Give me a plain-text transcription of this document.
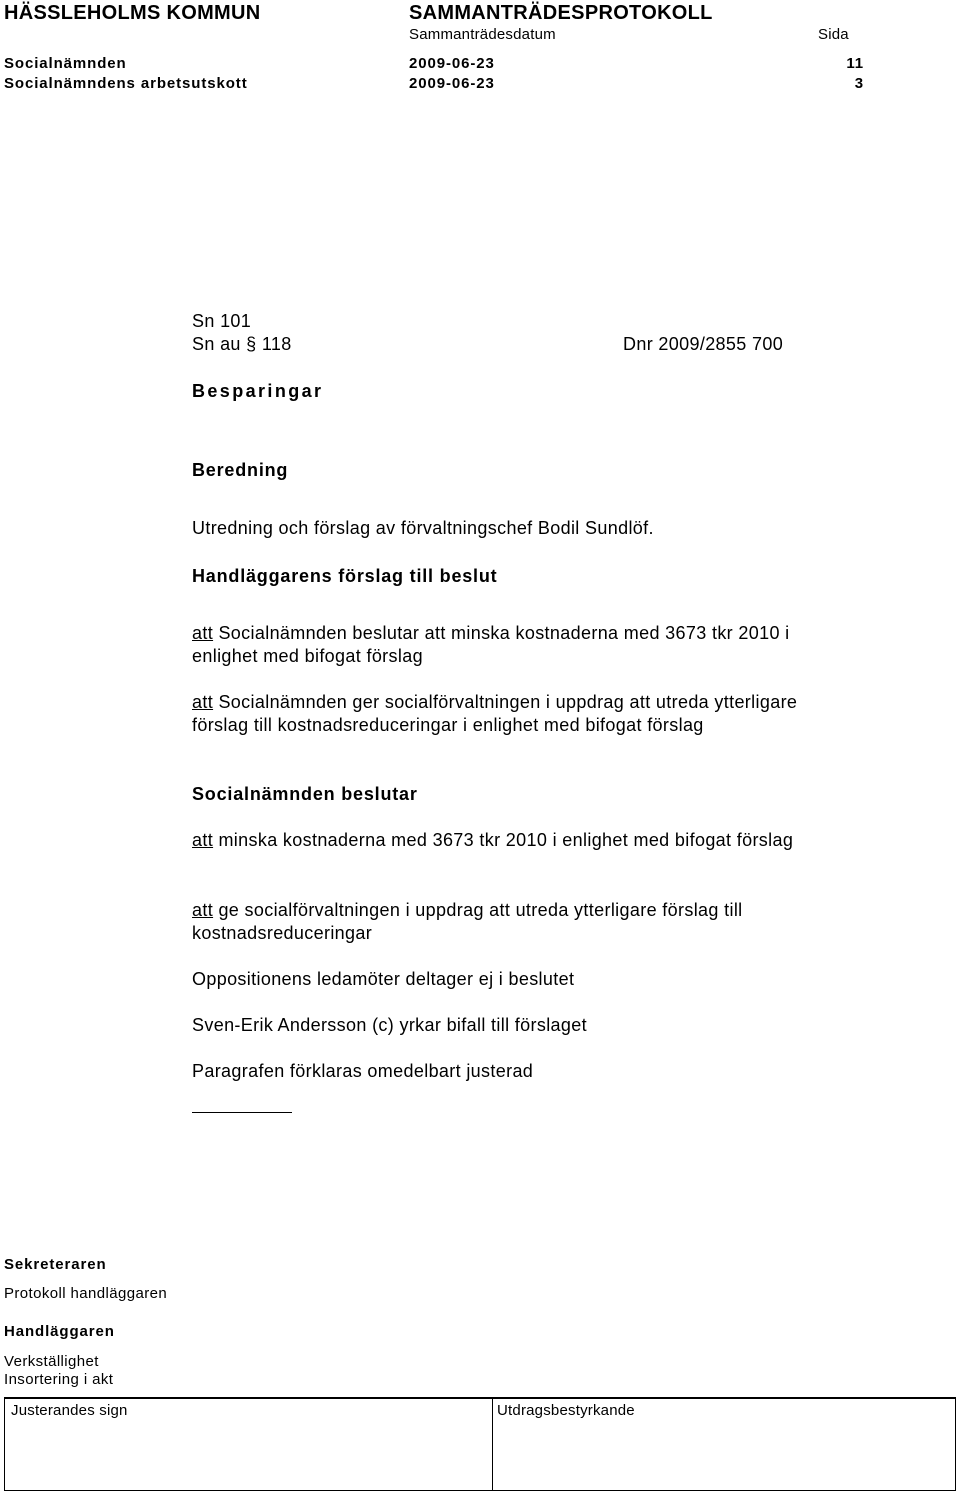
HÄSSLEHOLMS KOMMUN	SAMMANTRÄDESPROTOKOLL
Sammanträdesdatum	Sida
Socialnämnden	2009-06-23	11
Socialnämndens arbetsutskott	2009-06-23	3
Sn 101
Sn au § 118	Dnr 2009/2855 700
Besparingar
Beredning
Utredning och förslag av förvaltningschef Bodil Sundlöf.
Handläggarens förslag till beslut
att Socialnämnden beslutar att minska kostnaderna med 3673 tkr 2010 i enlighet med bifogat förslag
att Socialnämnden ger socialförvaltningen i uppdrag att utreda ytterligare förslag till kostnadsreduceringar i enlighet med bifogat förslag
Socialnämnden beslutar
att minska kostnaderna med 3673 tkr 2010 i enlighet med bifogat förslag
att ge socialförvaltningen i uppdrag att utreda ytterligare förslag till kostnadsreduceringar
Oppositionens ledamöter deltager ej i beslutet
Sven-Erik Andersson (c) yrkar bifall till förslaget
Paragrafen förklaras omedelbart justerad
Sekreteraren
Protokoll handläggaren
Handläggaren
Verkställighet
Insortering i akt
Justerandes sign	Utdragsbestyrkande
